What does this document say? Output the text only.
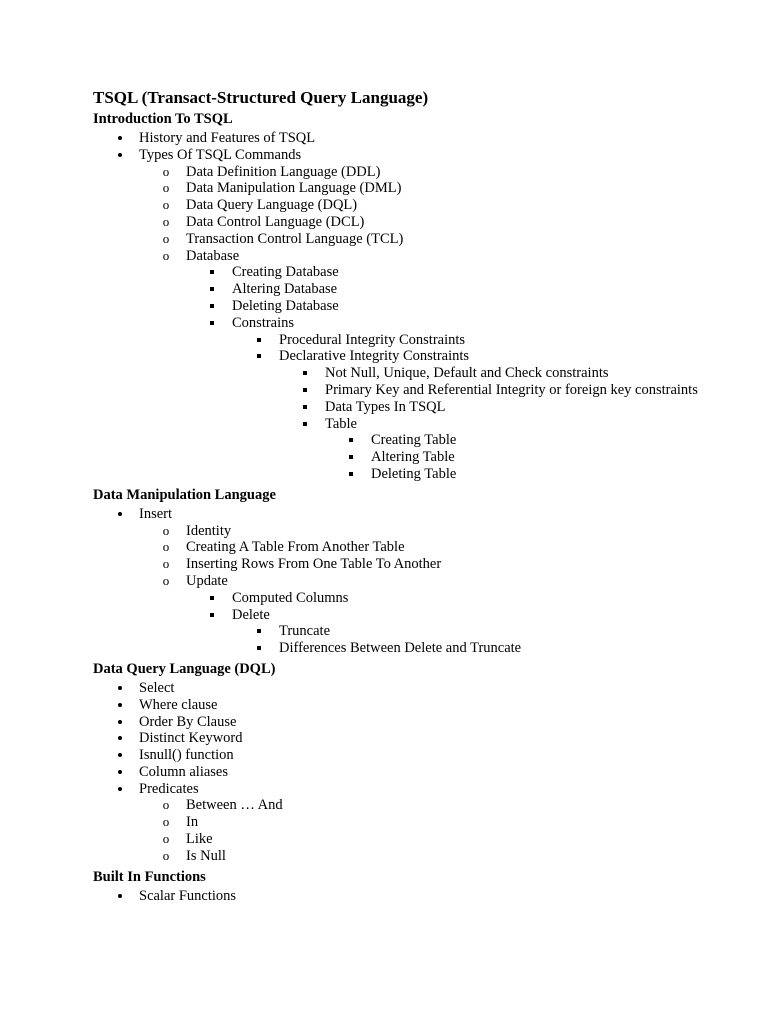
TSQL (Transact-Structured Query Language)
Introduction To TSQL
History and Features of TSQL
Types Of TSQL Commands
o Data Definition Language (DDL)
o Data Manipulation Language (DML)
o Data Query Language (DQL)
o Data Control Language (DCL)
o Transaction Control Language (TCL)
o Database
Creating Database
Altering Database
Deleting Database
Constrains
Procedural Integrity Constraints
Declarative Integrity Constraints
Not Null, Unique, Default and Check constraints
Primary Key and Referential Integrity or foreign key constraints
Data Types In TSQL
Table
Creating Table
Altering Table
Deleting Table
Data Manipulation Language
Insert
o Identity
o Creating A Table From Another Table
o Inserting Rows From One Table To Another
o Update
Computed Columns
Delete
Truncate
Differences Between Delete and Truncate
Data Query Language (DQL)
Select
Where clause
Order By Clause
Distinct Keyword
Isnull() function
Column aliases
Predicates
o Between … And
o In
o Like
o Is Null
Built In Functions
Scalar Functions
